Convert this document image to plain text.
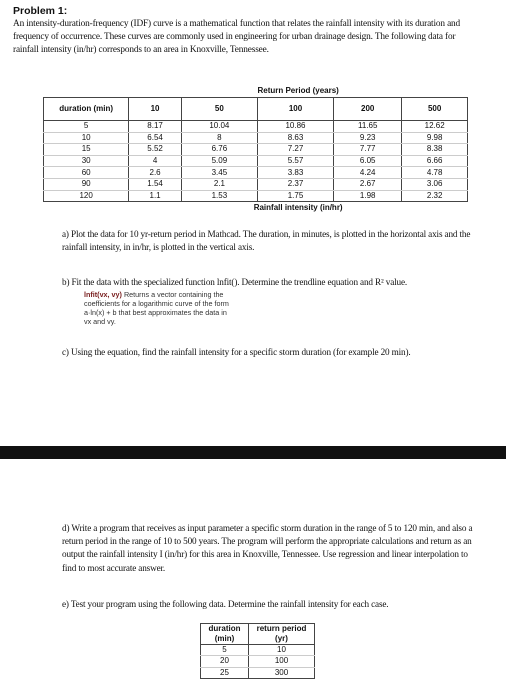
Problem 1:
An intensity-duration-frequency (IDF) curve is a mathematical function that relates the rainfall intensity with its duration and frequency of occurrence. These curves are commonly used in engineering for urban drainage design. The following data for rainfall intensity (in/hr) corresponds to an area in Knoxville, Tennessee.
	Return Period (years)				
duration (min)	10	50	100	200	500
5	8.17	10.04	10.86	11.65	12.62
10	6.54	8	8.63	9.23	9.98
15	5.52	6.76	7.27	7.77	8.38
30	4	5.09	5.57	6.05	6.66
60	2.6	3.45	3.83	4.24	4.78
90	1.54	2.1	2.37	2.67	3.06
120	1.1	1.53	1.75	1.98	2.32
	Rainfall intensity (in/hr)				
a) Plot the data for 10 yr-return period in Mathcad. The duration, in minutes, is plotted in the horizontal axis and the rainfall intensity, in in/hr, is plotted in the vertical axis.
b) Fit the data with the specialized function lnfit(). Determine the trendline equation and R² value.
lnfit(vx, vy) Returns a vector containing the coefficients for a logarithmic curve of the form a·ln(x) + b that best approximates the data in vx and vy.
c) Using the equation, find the rainfall intensity for a specific storm duration (for example 20 min).
d) Write a program that receives as input parameter a specific storm duration in the range of 5 to 120 min, and also a return period in the range of 10 to 500 years. The program will perform the appropriate calculations and return as an output the rainfall intensity I (in/hr) for this area in Knoxville, Tennessee. Use regression and linear interpolation to find to most accurate answer.
e) Test your program using the following data. Determine the rainfall intensity for each case.
duration (min)	return period (yr)
5	10
20	100
25	300
